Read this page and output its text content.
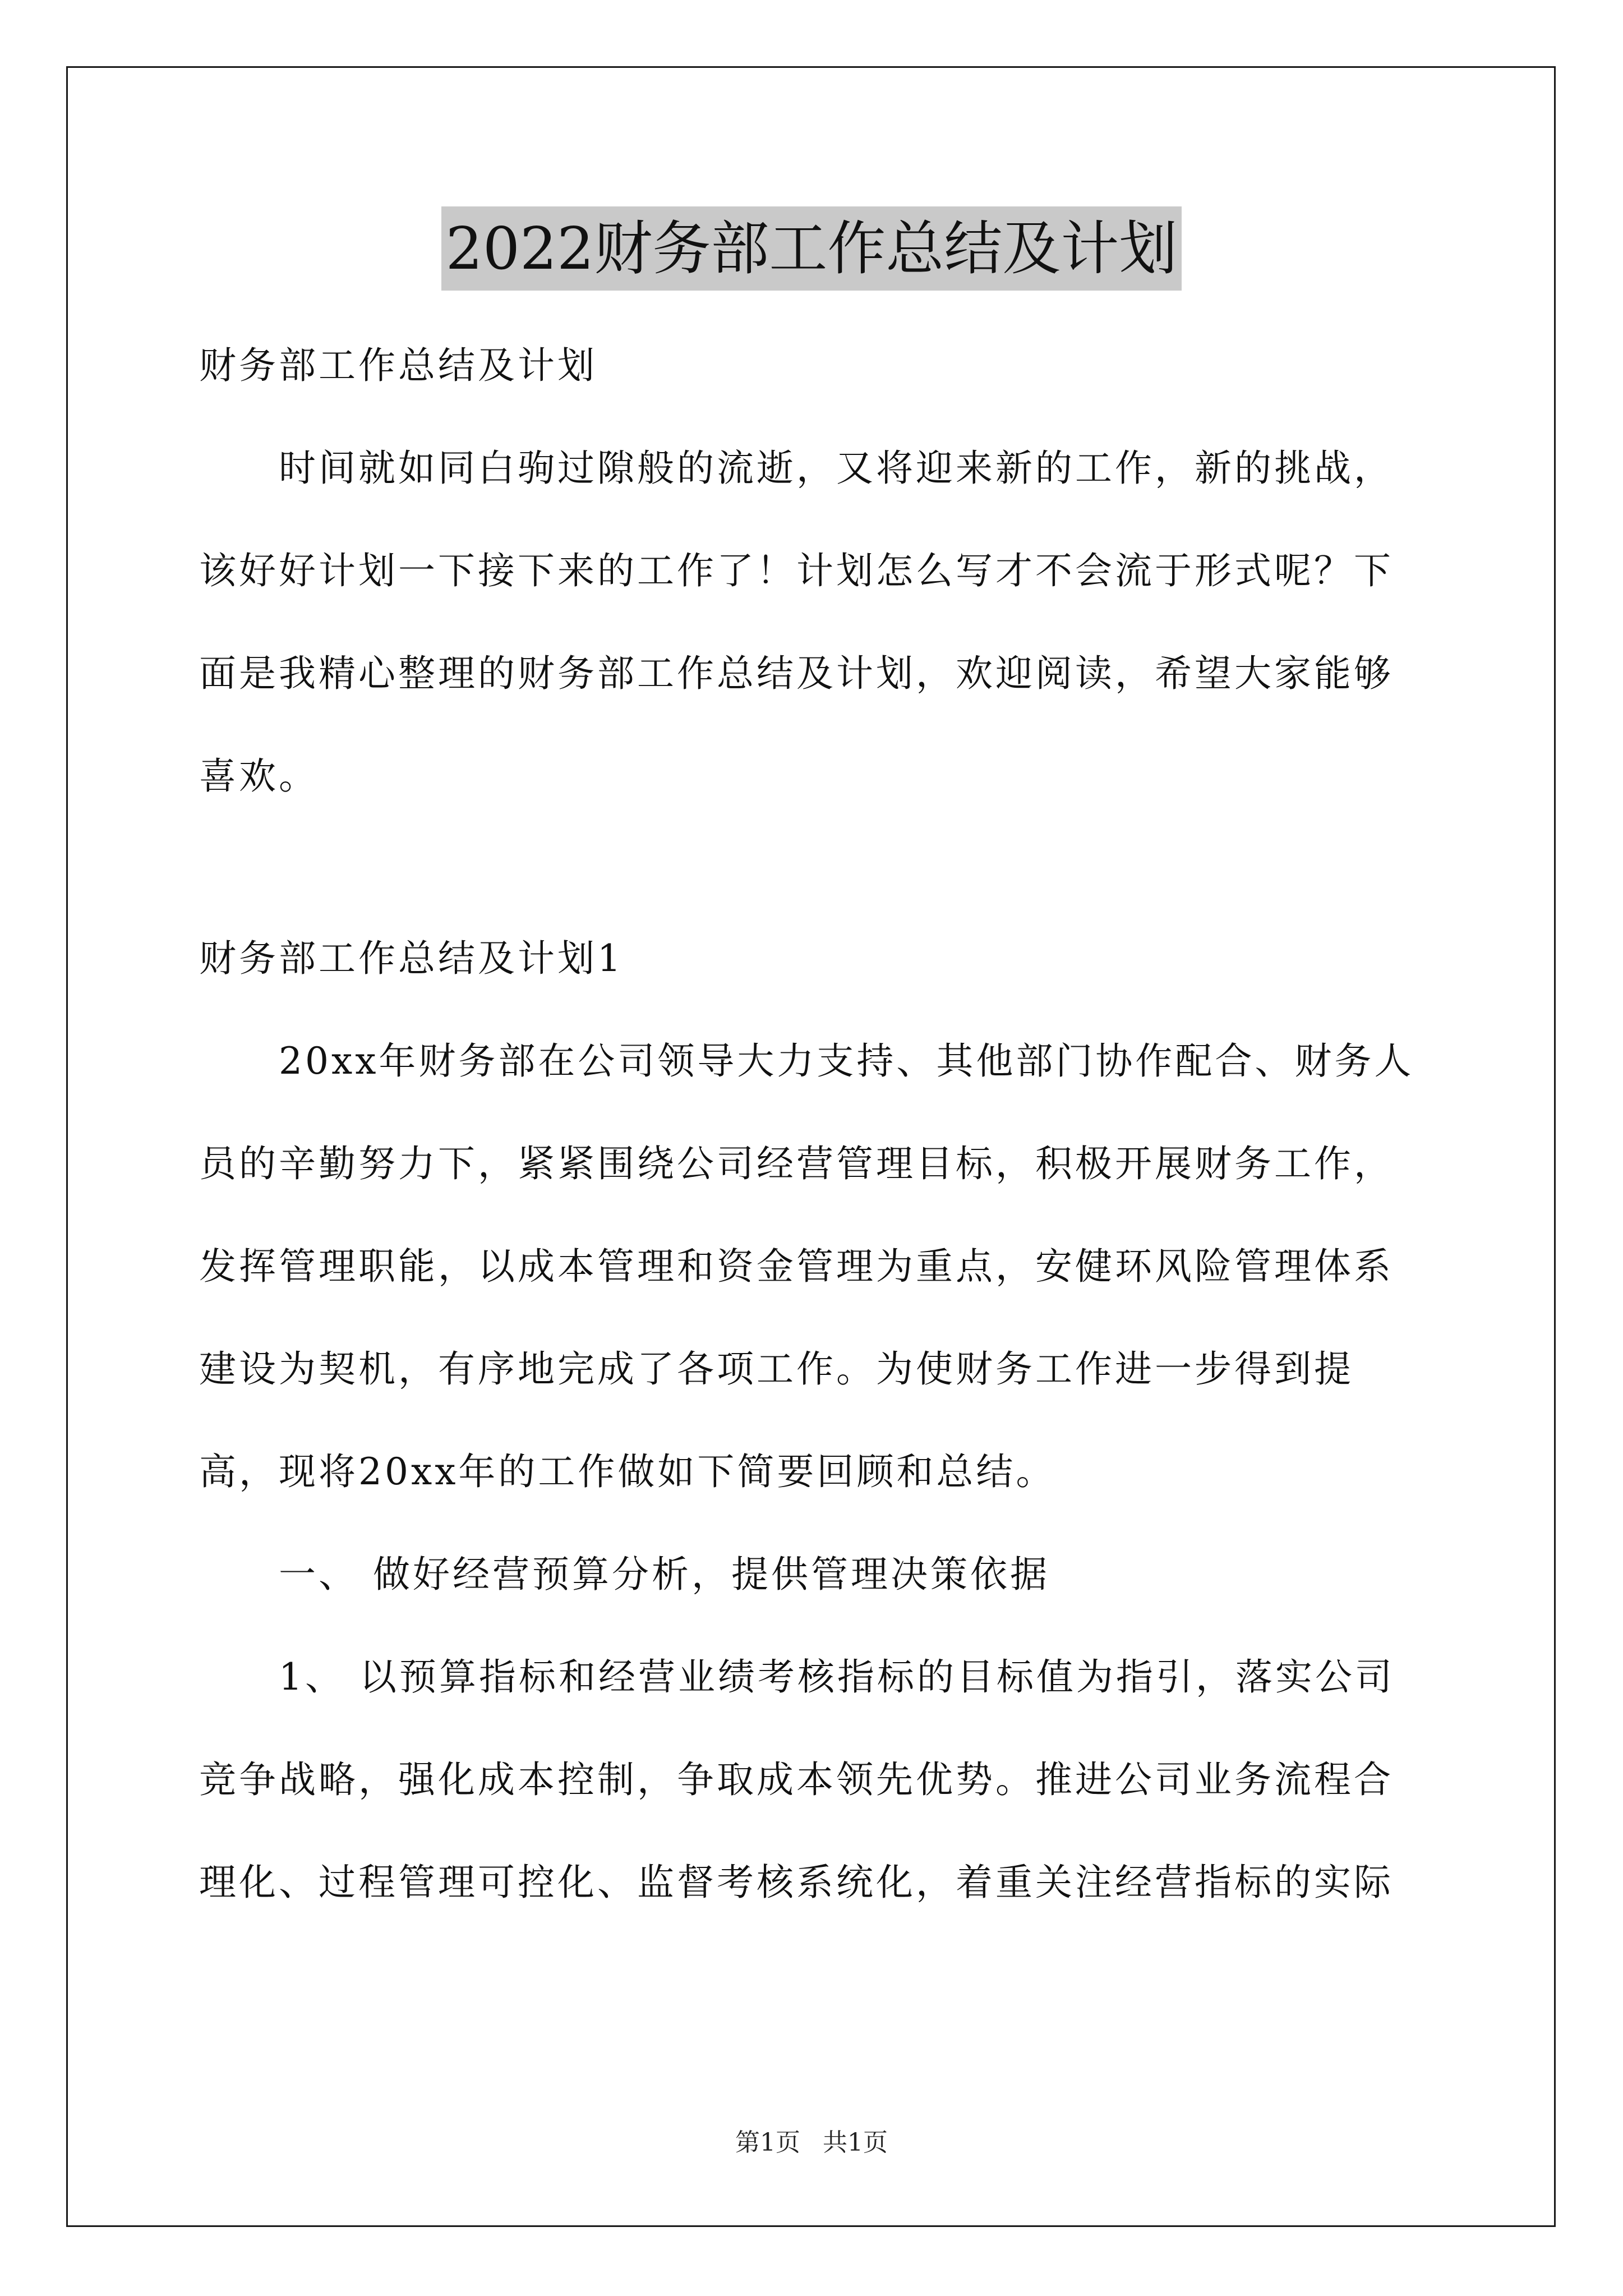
2022财务部工作总结及计划

财务部工作总结及计划

时间就如同白驹过隙般的流逝，又将迎来新的工作，新的挑战，该好好计划一下接下来的工作了！计划怎么写才不会流于形式呢？下面是我精心整理的财务部工作总结及计划，欢迎阅读，希望大家能够喜欢。

财务部工作总结及计划1

20xx年财务部在公司领导大力支持、其他部门协作配合、财务人员的辛勤努力下，紧紧围绕公司经营管理目标，积极开展财务工作，发挥管理职能，以成本管理和资金管理为重点，安健环风险管理体系建设为契机，有序地完成了各项工作。为使财务工作进一步得到提高，现将20xx年的工作做如下简要回顾和总结。

一、 做好经营预算分析，提供管理决策依据

1、 以预算指标和经营业绩考核指标的目标值为指引，落实公司竞争战略，强化成本控制，争取成本领先优势。推进公司业务流程合理化、过程管理可控化、监督考核系统化，着重关注经营指标的实际

第1页 共1页
